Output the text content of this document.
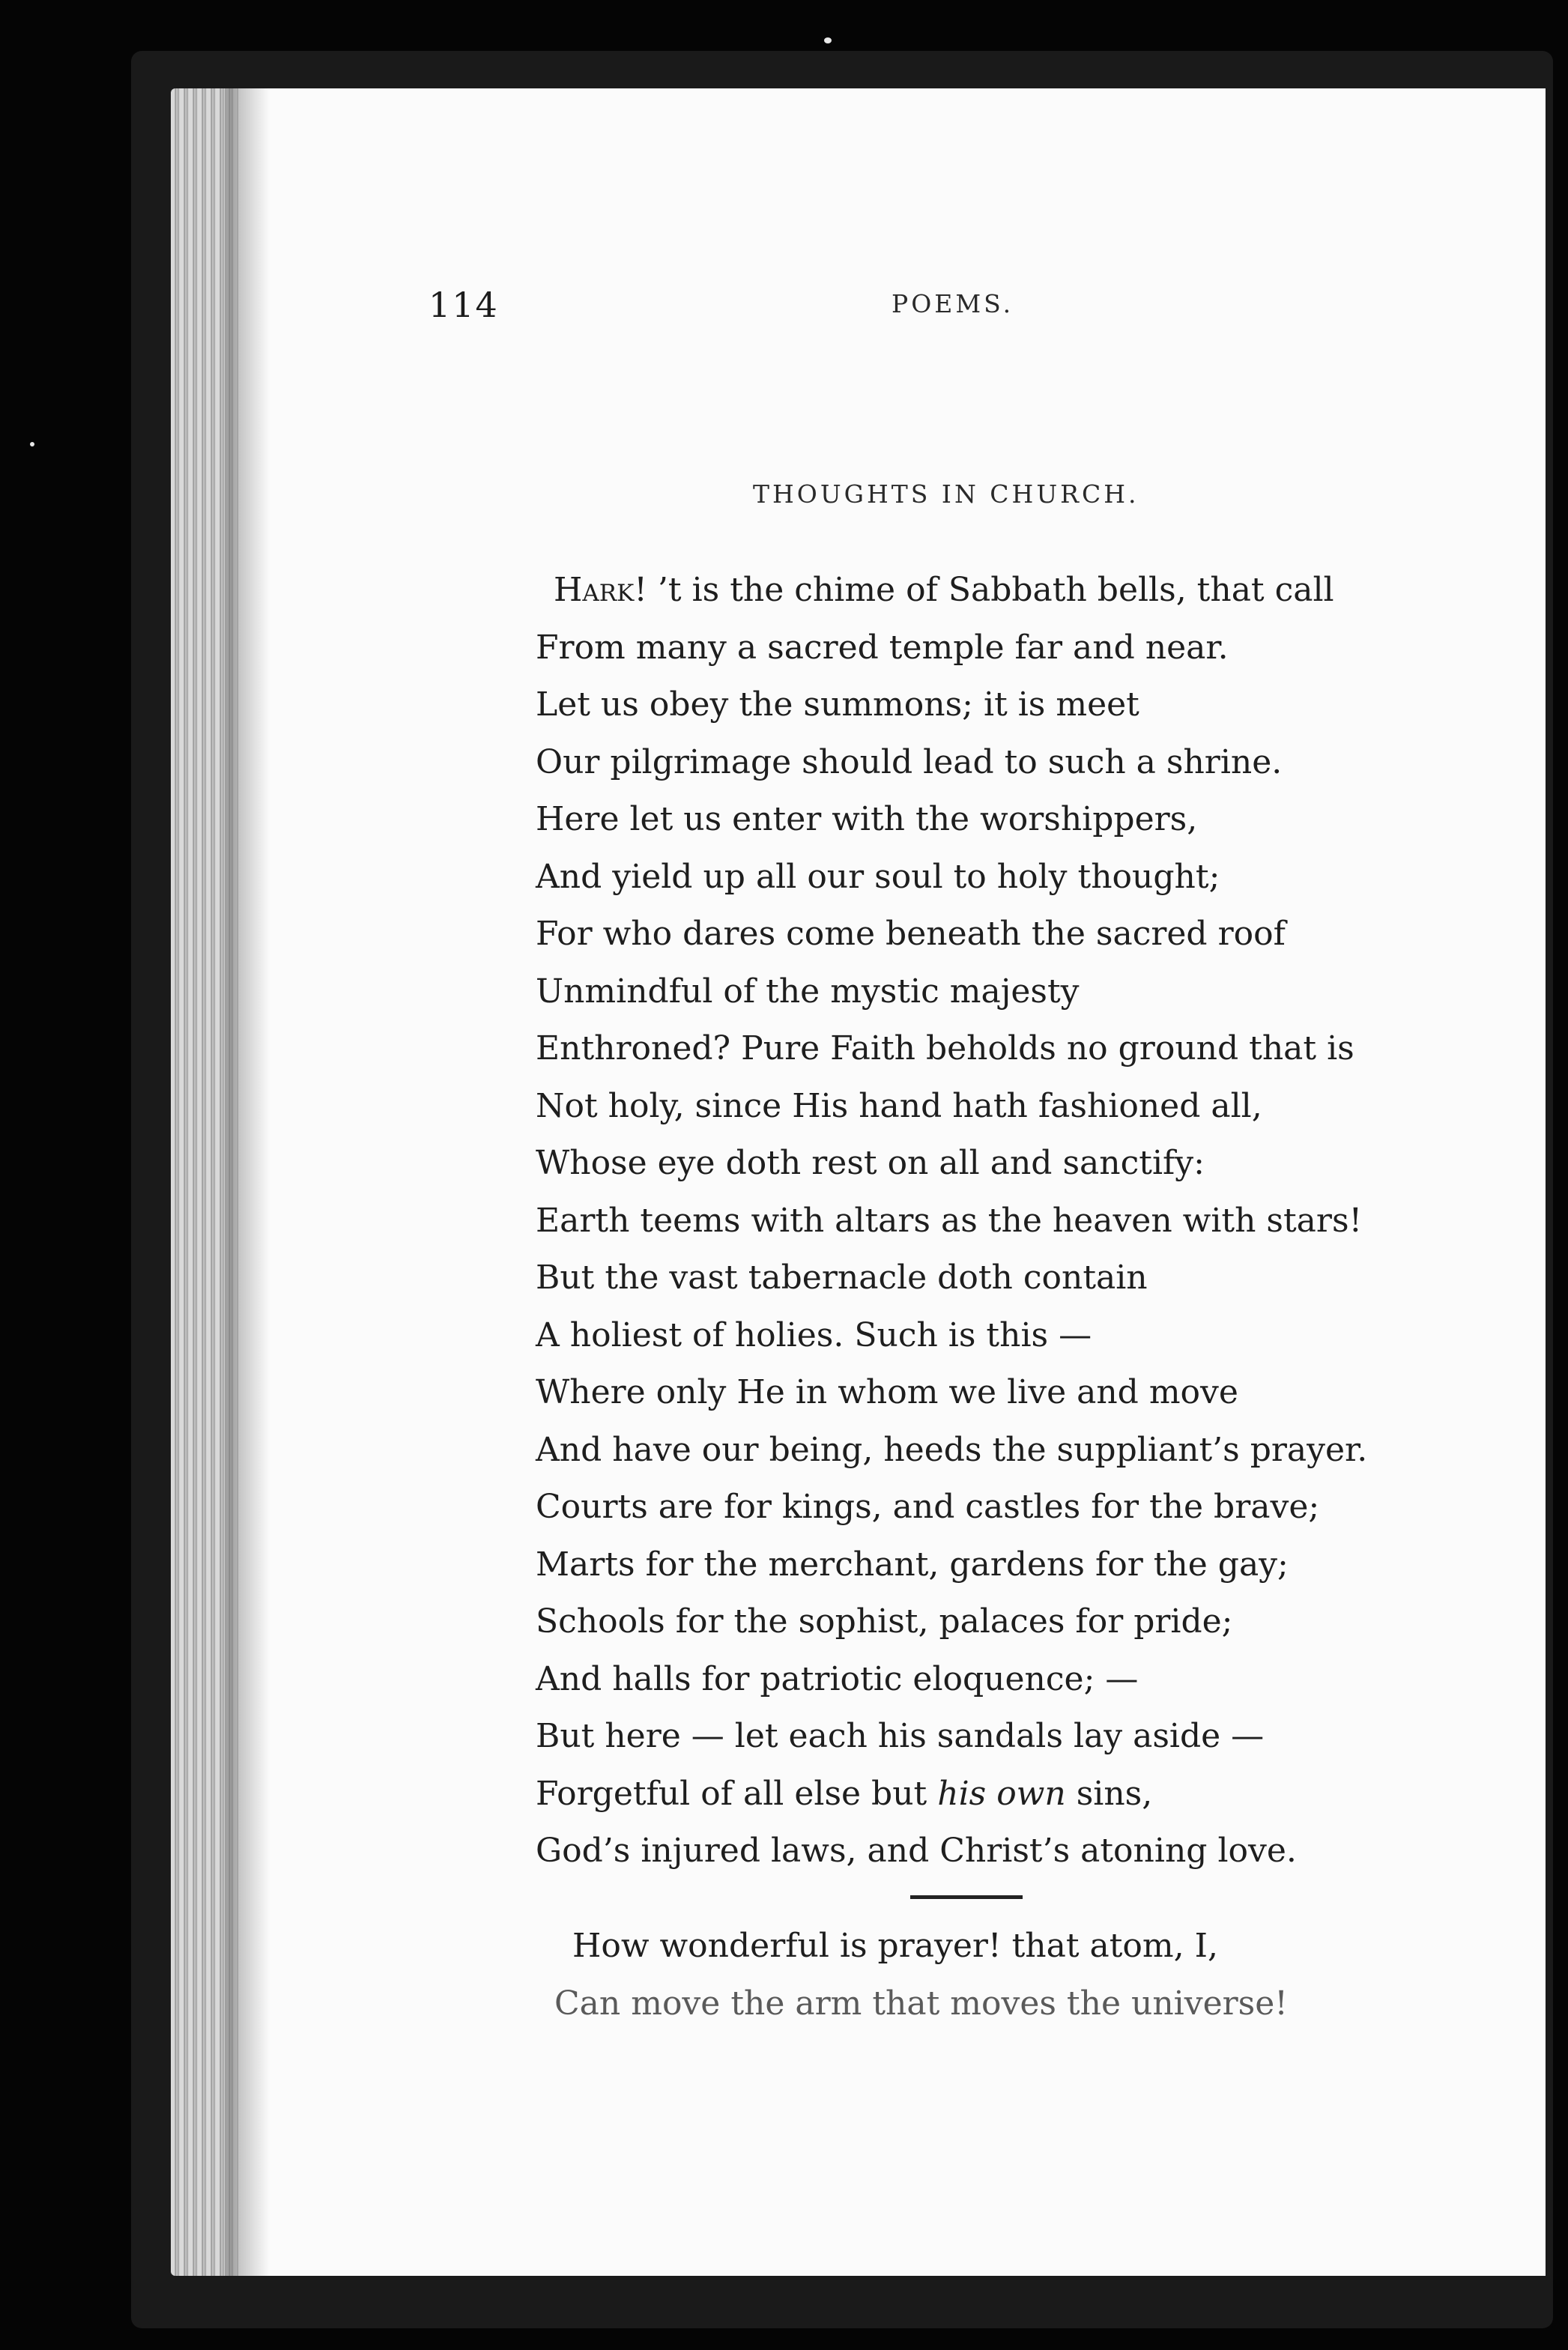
114	POEMS.
THOUGHTS IN CHURCH.
Hark! ’t is the chime of Sabbath bells, that call
From many a sacred temple far and near.
Let us obey the summons; it is meet
Our pilgrimage should lead to such a shrine.
Here let us enter with the worshippers,
And yield up all our soul to holy thought;
For who dares come beneath the sacred roof
Unmindful of the mystic majesty
Enthroned? Pure Faith beholds no ground that is
Not holy, since His hand hath fashioned all,
Whose eye doth rest on all and sanctify:
Earth teems with altars as the heaven with stars!
But the vast tabernacle doth contain
A holiest of holies. Such is this —
Where only He in whom we live and move
And have our being, heeds the suppliant’s prayer.
Courts are for kings, and castles for the brave;
Marts for the merchant, gardens for the gay;
Schools for the sophist, palaces for pride;
And halls for patriotic eloquence; —
But here — let each his sandals lay aside —
Forgetful of all else but his own sins,
God’s injured laws, and Christ’s atoning love.
How wonderful is prayer! that atom, I,
Can move the arm that moves the universe!
